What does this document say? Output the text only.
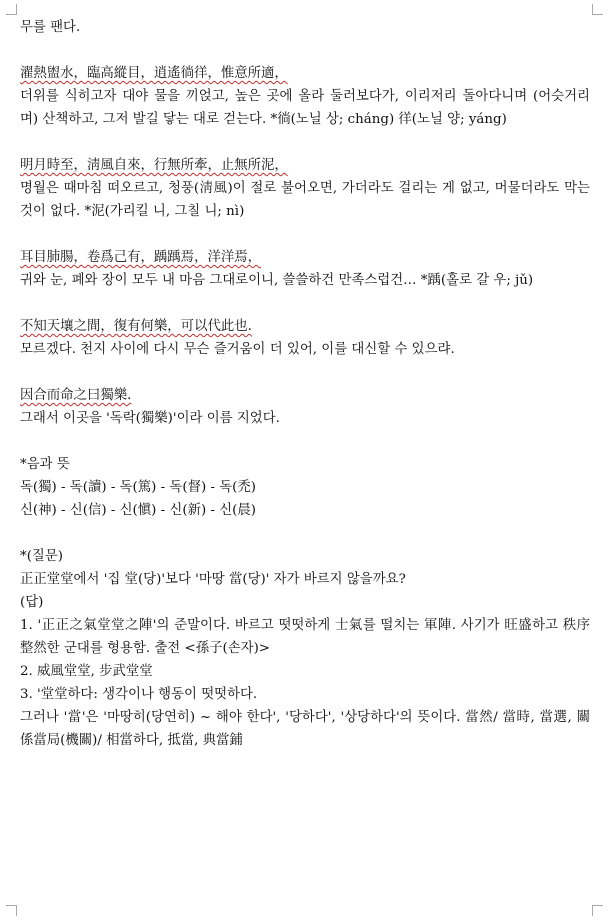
무를 팬다.

濯熱盥水，臨高縱目，逍遙徜徉，惟意所適，

더위를 식히고자 대야 물을 끼얹고, 높은 곳에 올라 둘러보다가, 이리저리 돌아다니며 (어슷거리며) 산책하고, 그저 발길 닿는 대로 걷는다. *徜(노닐 상; cháng) 徉(노닐 양; yáng)

明月時至，淸風自來，行無所牽，止無所泥，

명월은 때마침 떠오르고, 청풍(淸風)이 절로 불어오면, 가더라도 걸리는 게 없고, 머물더라도 막는 것이 없다. *泥(가리킬 니, 그칠 니; nì)

耳目肺腸，卷爲己有，踽踽焉，洋洋焉，

귀와 눈, 폐와 장이 모두 내 마음 그대로이니, 쓸쓸하건 만족스럽건… *踽(홀로 갈 우; jǔ)

不知天壤之間，復有何樂，可以代此也.

모르겠다. 천지 사이에 다시 무슨 즐거움이 더 있어, 이를 대신할 수 있으랴.

因合而命之曰獨樂.

그래서 이곳을 '독락(獨樂)'이라 이름 지었다.

*음과 뜻

독(獨) - 독(讀) - 독(篤) - 독(督) - 독(禿)

신(神) - 신(信) - 신(愼) - 신(新) - 신(晨)

*(질문)

正正堂堂에서 '집 堂(당)'보다 '마땅 當(당)' 자가 바르지 않을까요?

(답)

1. '正正之氣堂堂之陣'의 준말이다. 바르고 떳떳하게 士氣를 떨치는 軍陣. 사기가 旺盛하고 秩序整然한 군대를 형용함. 출전 <孫子(손자)>

2. 威風堂堂, 步武堂堂

3. '堂堂하다: 생각이나 행동이 떳떳하다.

그러나 '當'은 '마땅히(당연히) ~ 해야 한다', '당하다', '상당하다'의 뜻이다. 當然/ 當時, 當選, 關係當局(機關)/ 相當하다, 抵當, 典當鋪
